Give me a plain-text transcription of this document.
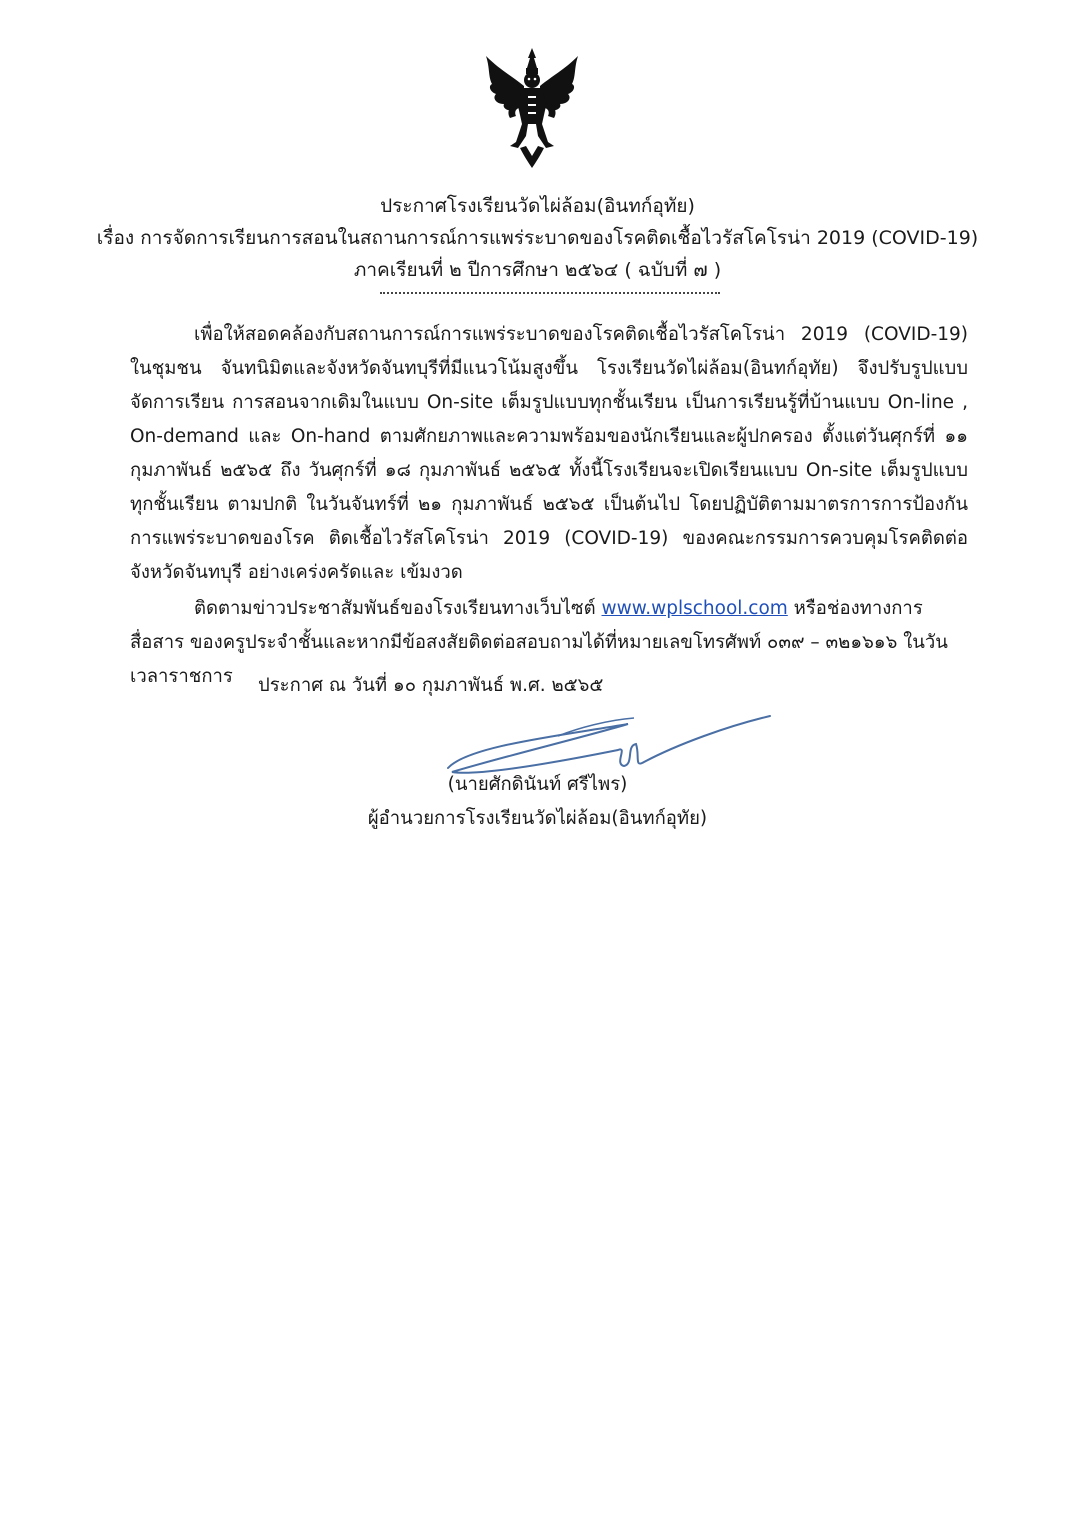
ประกาศโรงเรียนวัดไผ่ล้อม(อินทก์อุทัย)
เรื่อง การจัดการเรียนการสอนในสถานการณ์การแพร่ระบาดของโรคติดเชื้อไวรัสโคโรน่า 2019 (COVID-19)
ภาคเรียนที่ ๒ ปีการศึกษา ๒๕๖๔ ( ฉบับที่ ๗ )

เพื่อให้สอดคล้องกับสถานการณ์การแพร่ระบาดของโรคติดเชื้อไวรัสโคโรน่า 2019 (COVID-19) ในชุมชน จันทนิมิตและจังหวัดจันทบุรีที่มีแนวโน้มสูงขึ้น โรงเรียนวัดไผ่ล้อม(อินทก์อุทัย) จึงปรับรูปแบบจัดการเรียน การสอนจากเดิมในแบบ On-site เต็มรูปแบบทุกชั้นเรียน เป็นการเรียนรู้ที่บ้านแบบ On-line , On-demand และ On-hand ตามศักยภาพและความพร้อมของนักเรียนและผู้ปกครอง ตั้งแต่วันศุกร์ที่ ๑๑ กุมภาพันธ์ ๒๕๖๕ ถึง วันศุกร์ที่ ๑๘ กุมภาพันธ์ ๒๕๖๕ ทั้งนี้โรงเรียนจะเปิดเรียนแบบ On-site เต็มรูปแบบทุกชั้นเรียน ตามปกติ ในวันจันทร์ที่ ๒๑ กุมภาพันธ์ ๒๕๖๕ เป็นต้นไป โดยปฏิบัติตามมาตรการการป้องกันการแพร่ระบาดของโรค ติดเชื้อไวรัสโคโรน่า 2019 (COVID-19) ของคณะกรรมการควบคุมโรคติดต่อจังหวัดจันทบุรี อย่างเคร่งครัดและ เข้มงวด

ติดตามข่าวประชาสัมพันธ์ของโรงเรียนทางเว็บไซต์ www.wplschool.com หรือช่องทางการสื่อสาร ของครูประจำชั้นและหากมีข้อสงสัยติดต่อสอบถามได้ที่หมายเลขโทรศัพท์ ๐๓๙ – ๓๒๑๖๑๖ ในวันเวลาราชการ	ประกาศ ณ วันที่ ๑๐ กุมภาพันธ์ พ.ศ. ๒๕๖๕
(นายศักดินันท์ ศรีไพร)
ผู้อำนวยการโรงเรียนวัดไผ่ล้อม(อินทก์อุทัย)
